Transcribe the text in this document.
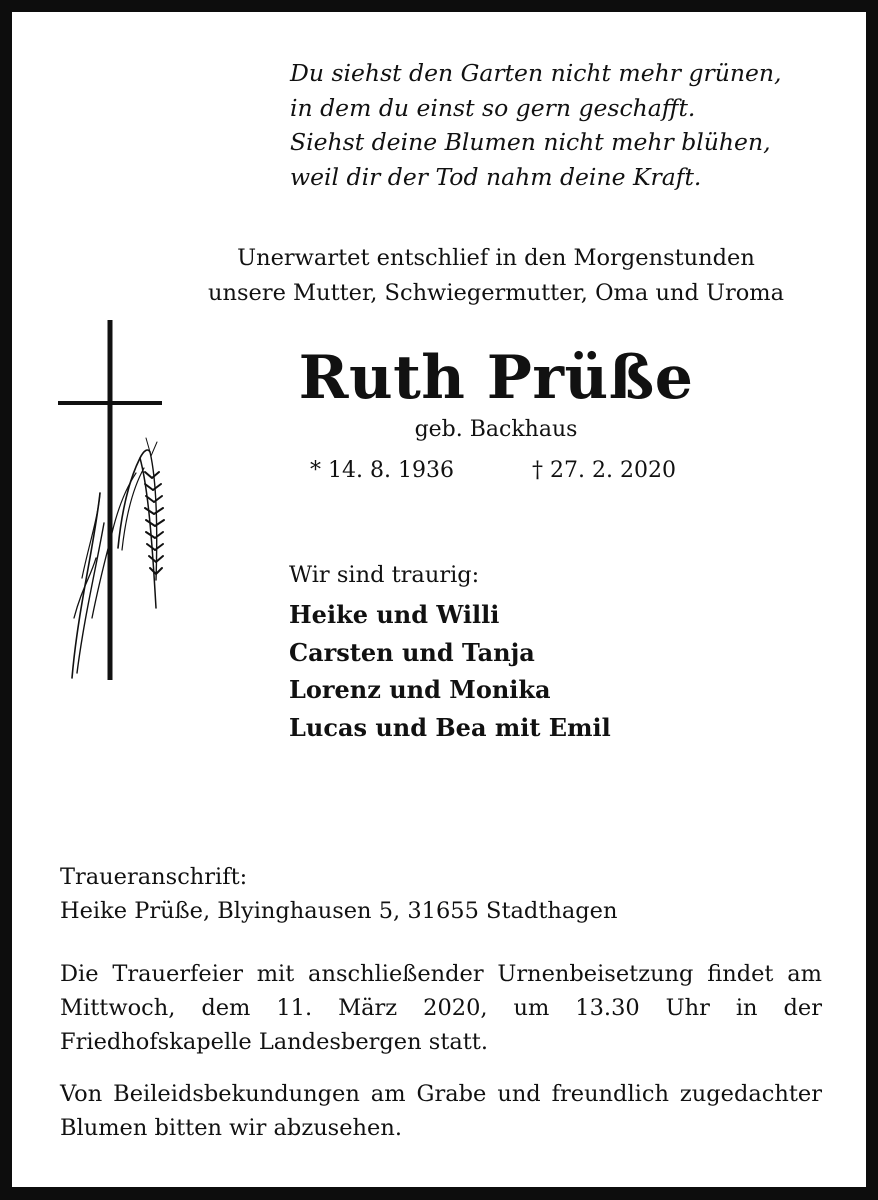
Du siehst den Garten nicht mehr grünen,
in dem du einst so gern geschafft.
Siehst deine Blumen nicht mehr blühen,
weil dir der Tod nahm deine Kraft.
Unerwartet entschlief in den Morgenstunden
unsere Mutter, Schwiegermutter, Oma und Uroma
Ruth Prüße
geb. Backhaus
* 14. 8. 1936	† 27. 2. 2020
Wir sind traurig:
Heike und Willi
Carsten und Tanja
Lorenz und Monika
Lucas und Bea mit Emil
Traueranschrift:
Heike Prüße, Blyinghausen 5, 31655 Stadthagen
Die Trauerfeier mit anschließender Urnenbeisetzung findet am Mittwoch, dem 11. März 2020, um 13.30 Uhr in der Friedhofskapelle Landesbergen statt.
Von Beileidsbekundungen am Grabe und freundlich zugedachter Blumen bitten wir abzusehen.
